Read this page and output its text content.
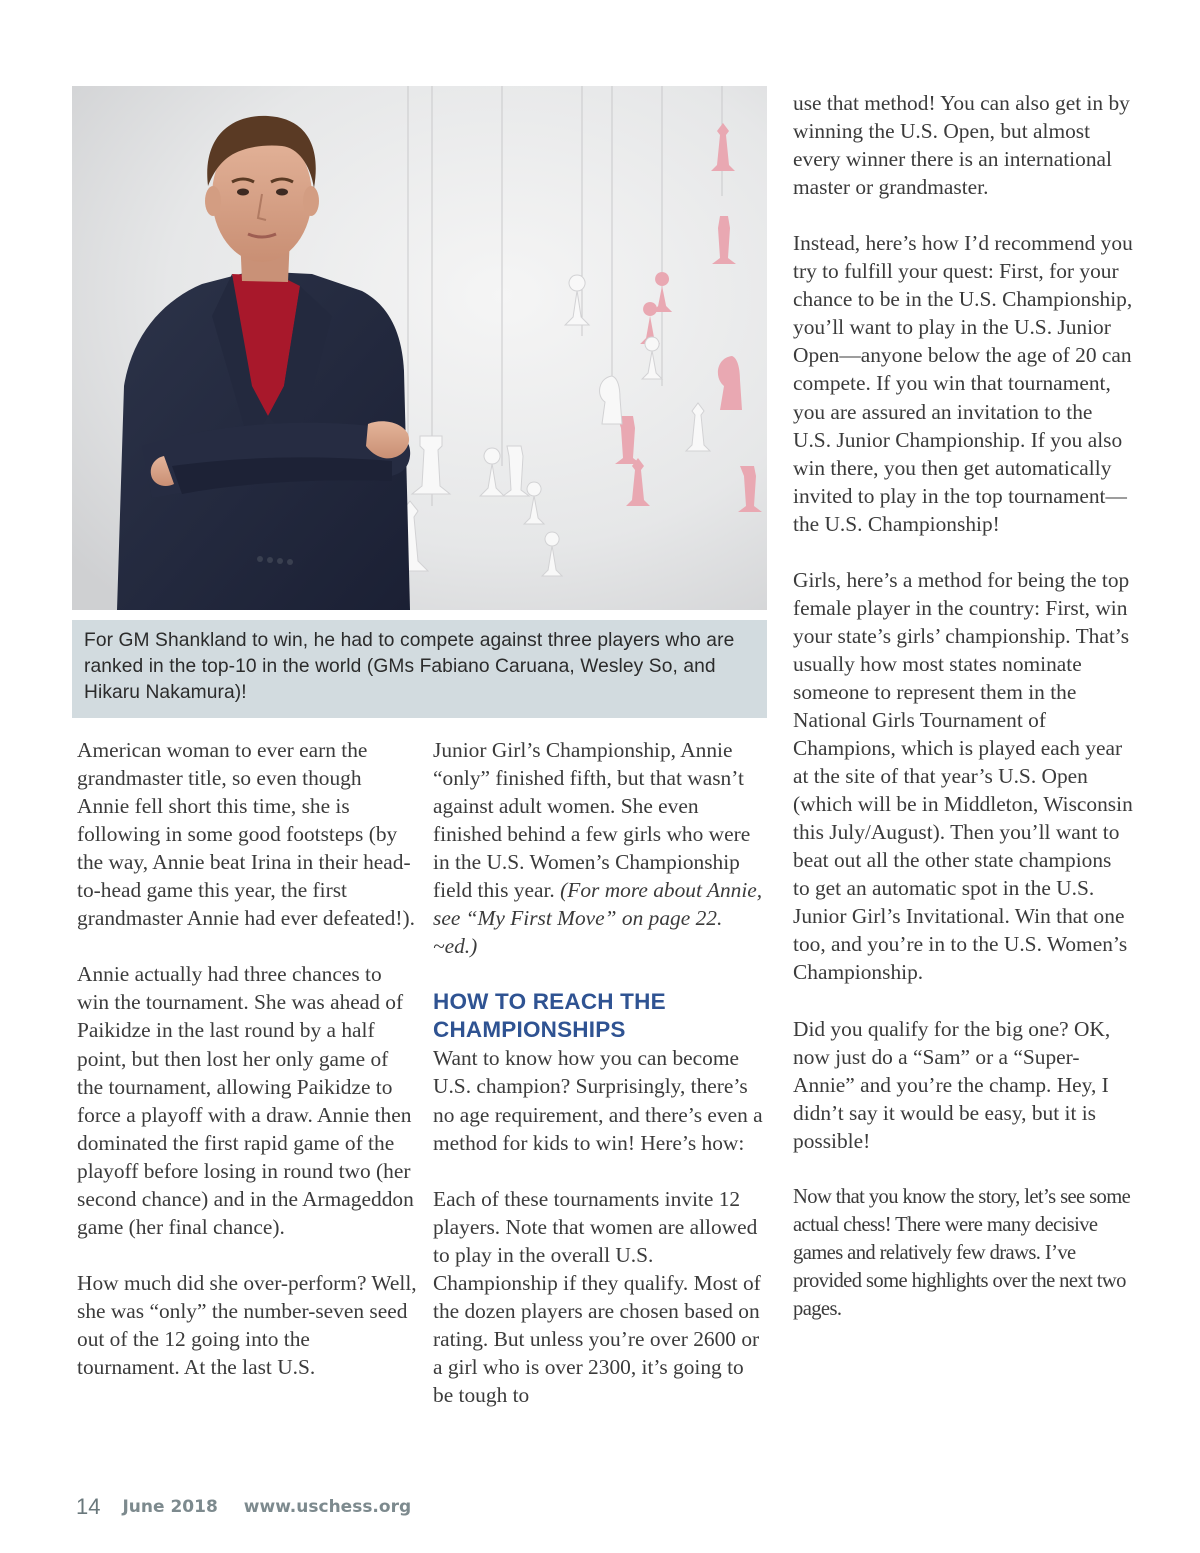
For GM Shankland to win, he had to compete against three players who are ranked in the top-10 in the world (GMs Fabiano Caruana, Wesley So, and Hikaru Nakamura)!

American woman to ever earn the grandmaster title, so even though Annie fell short this time, she is following in some good footsteps (by the way, Annie beat Irina in their head-to-head game this year, the first grandmaster Annie had ever defeated!).

Annie actually had three chances to win the tournament. She was ahead of Paikidze in the last round by a half point, but then lost her only game of the tournament, allowing Paikidze to force a playoff with a draw. Annie then dominated the first rapid game of the playoff before losing in round two (her second chance) and in the Armageddon game (her final chance).

How much did she over-perform? Well, she was “only” the number-seven seed out of the 12 going into the tournament. At the last U.S.

Junior Girl’s Championship, Annie “only” finished fifth, but that wasn’t against adult women. She even finished behind a few girls who were in the U.S. Women’s Championship field this year. (For more about Annie, see “My First Move” on page 22. ~ed.)

HOW TO REACH THE
CHAMPIONSHIPS

Want to know how you can become U.S. champion? Surprisingly, there’s no age requirement, and there’s even a method for kids to win! Here’s how:

Each of these tournaments invite 12 players. Note that women are allowed to play in the overall U.S. Championship if they qualify. Most of the dozen players are chosen based on rating. But unless you’re over 2600 or a girl who is over 2300, it’s going to be tough to

use that method! You can also get in by winning the U.S. Open, but almost every winner there is an international master or grandmaster.

Instead, here’s how I’d recommend you try to fulfill your quest: First, for your chance to be in the U.S. Championship, you’ll want to play in the U.S. Junior Open—anyone below the age of 20 can compete. If you win that tournament, you are assured an invitation to the U.S. Junior Championship. If you also win there, you then get automatically invited to play in the top tournament—the U.S. Championship!

Girls, here’s a method for being the top female player in the country: First, win your state’s girls’ championship. That’s usually how most states nominate someone to represent them in the National Girls Tournament of Champions, which is played each year at the site of that year’s U.S. Open (which will be in Middleton, Wisconsin this July/August). Then you’ll want to beat out all the other state champions to get an automatic spot in the U.S. Junior Girl’s Invitational. Win that one too, and you’re in to the U.S. Women’s Championship.

Did you qualify for the big one? OK, now just do a “Sam” or a “Super-Annie” and you’re the champ. Hey, I didn’t say it would be easy, but it is possible!

Now that you know the story, let’s see some actual chess! There were many decisive games and relatively few draws. I’ve provided some highlights over the next two pages.

14 June 2018 www.uschess.org
